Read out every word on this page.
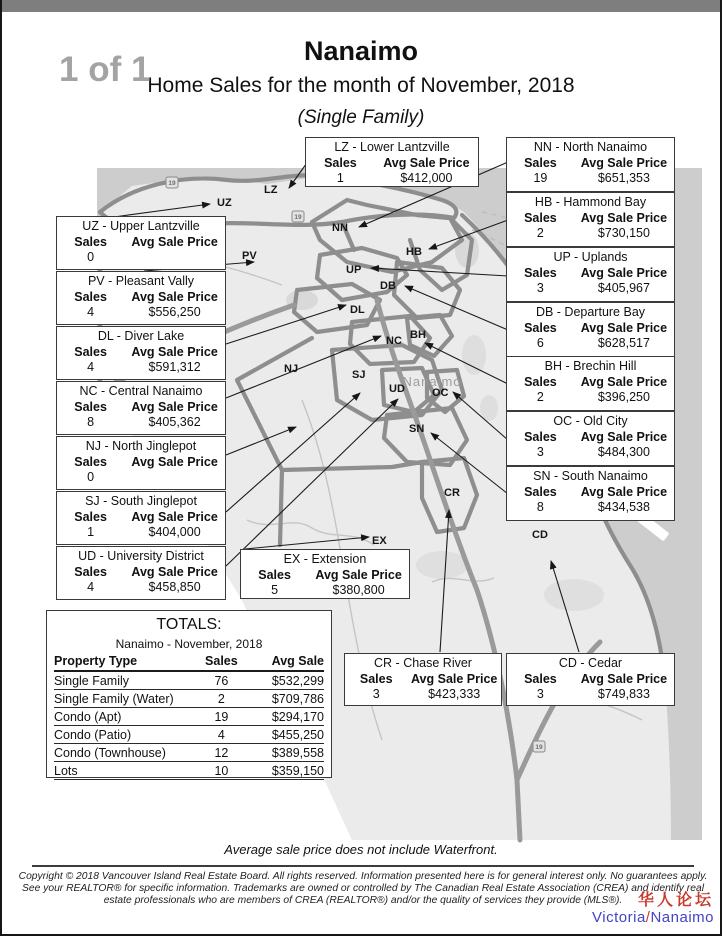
Nanaimo
Home Sales for the month of November, 2018
(Single Family)
1 of 1
19
19
19
Nanaimo
UZ
LZ
NN
PV	HB
UP
DB
DL
NC BH
NJ	SJ
UD OC
SN
CR
EX	CD
LZ - Lower Lantzville
Sales	Avg Sale Price
1	$412,000
UZ - Upper Lantzville
Sales	Avg Sale Price
0
PV - Pleasant Vally
Sales	Avg Sale Price
4	$556,250
DL - Diver Lake
Sales	Avg Sale Price
4	$591,312
NC - Central Nanaimo
Sales	Avg Sale Price
8	$405,362
NJ - North Jinglepot
Sales	Avg Sale Price
0
SJ - South Jinglepot
Sales	Avg Sale Price
1	$404,000
UD - University District
Sales	Avg Sale Price
4	$458,850
NN - North Nanaimo
Sales	Avg Sale Price
19	$651,353
HB - Hammond Bay
Sales	Avg Sale Price
2	$730,150
UP - Uplands
Sales	Avg Sale Price
3	$405,967
DB - Departure Bay
Sales	Avg Sale Price
6	$628,517
BH - Brechin Hill
Sales	Avg Sale Price
2	$396,250
OC - Old City
Sales	Avg Sale Price
3	$484,300
SN - South Nanaimo
Sales	Avg Sale Price
8	$434,538
EX - Extension
Sales	Avg Sale Price
5	$380,800
CR - Chase River
Sales	Avg Sale Price
3	$423,333
CD - Cedar
Sales	Avg Sale Price
3	$749,833
TOTALS:
Nanaimo - November, 2018
Property Type	Sales	Avg Sale
Single Family	76	$532,299
Single Family (Water)	2	$709,786
Condo (Apt)	19	$294,170
Condo (Patio)	4	$455,250
Condo (Townhouse)	12	$389,558
Lots	10	$359,150
Average sale price does not include Waterfront.
Copyright © 2018 Vancouver Island Real Estate Board. All rights reserved. Information presented here is for general interest only. No guarantees apply.
See your REALTOR® for specific information. Trademarks are owned or controlled by The Canadian Real Estate Association (CREA) and identify real
estate professionals who are members of CREA (REALTOR®) and/or the quality of services they provide (MLS®). 华人论坛
Victoria/Nanaimo
